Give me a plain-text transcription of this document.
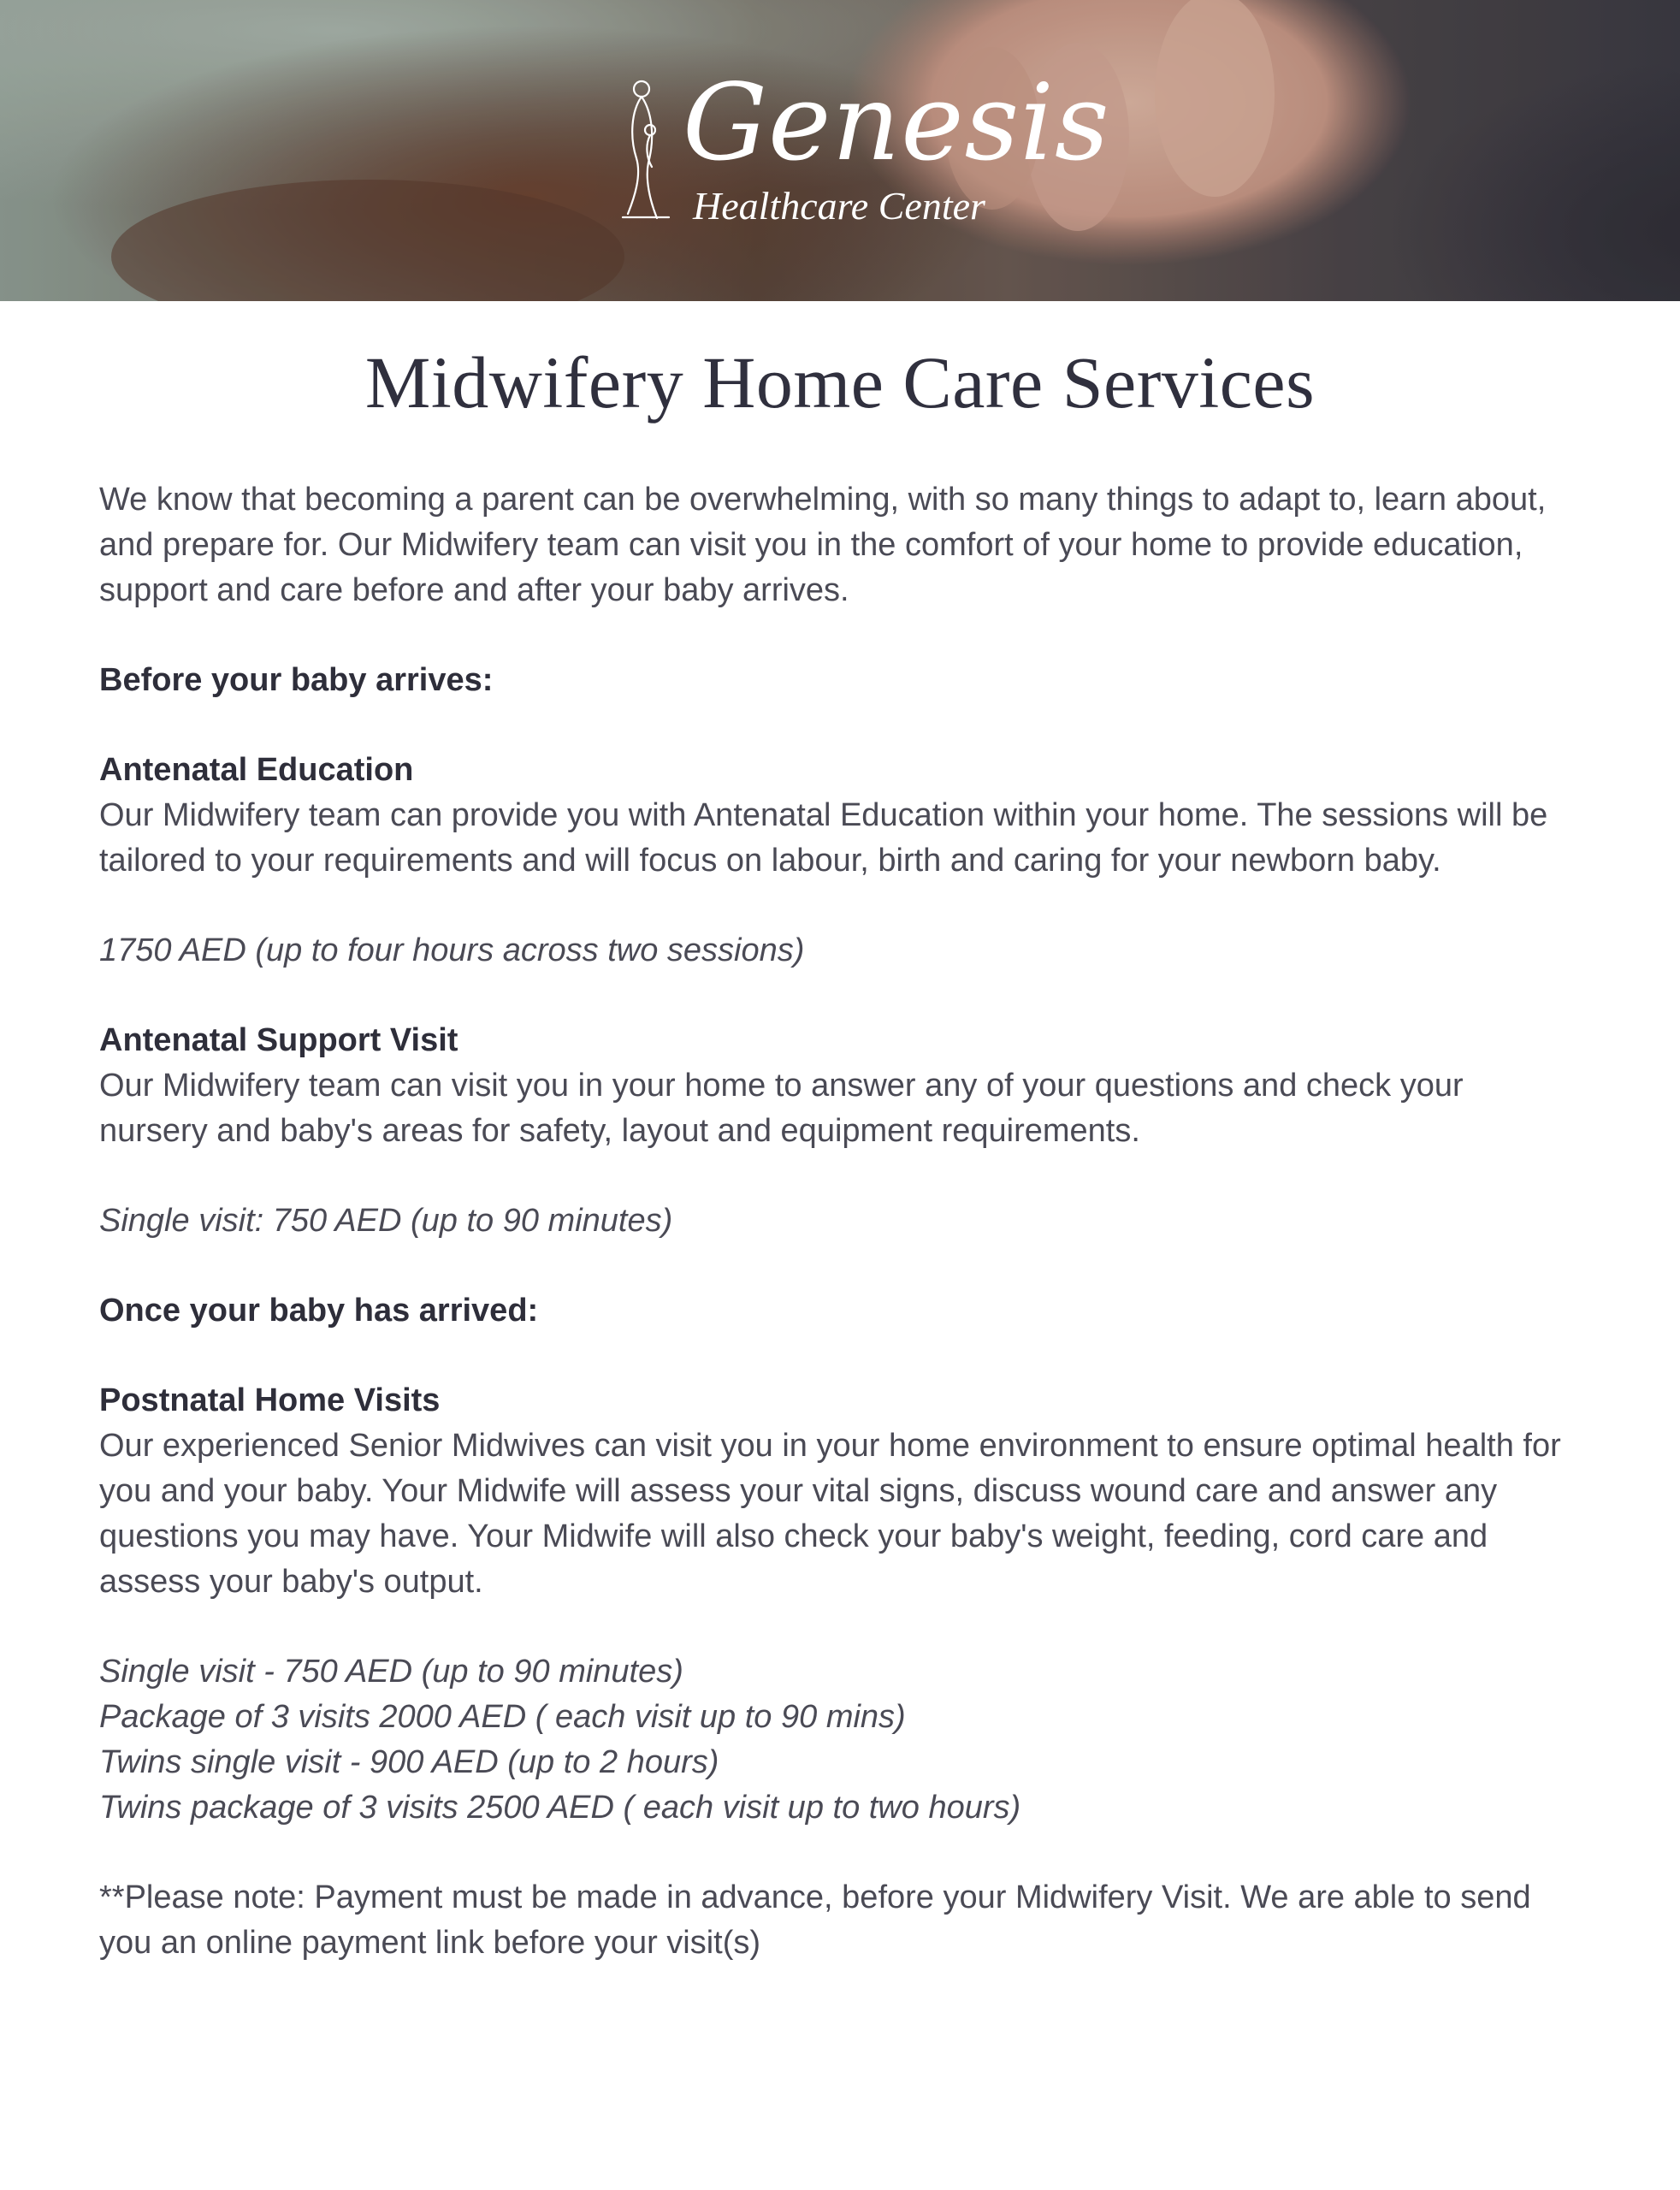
Genesis
Healthcare Center
Midwifery Home Care Services

We know that becoming a parent can be overwhelming, with so many things to adapt to, learn about, and prepare for. Our Midwifery team can visit you in the comfort of your home to provide education, support and care before and after your baby arrives.

Before your baby arrives:

Antenatal Education

Our Midwifery team can provide you with Antenatal Education within your home. The sessions will be tailored to your requirements and will focus on labour, birth and caring for your newborn baby.

1750 AED (up to four hours across two sessions)

Antenatal Support Visit

Our Midwifery team can visit you in your home to answer any of your questions and check your nursery and baby's areas for safety, layout and equipment requirements.

Single visit: 750 AED (up to 90 minutes)

Once your baby has arrived:

Postnatal Home Visits

Our experienced Senior Midwives can visit you in your home environment to ensure optimal health for you and your baby. Your Midwife will assess your vital signs, discuss wound care and answer any questions you may have. Your Midwife will also check your baby's weight, feeding, cord care and assess your baby's output.

Single visit - 750 AED (up to 90 minutes)

Package of 3 visits 2000 AED ( each visit up to 90 mins)

Twins single visit - 900 AED (up to 2 hours)

Twins package of 3 visits 2500 AED ( each visit up to two hours)

**Please note: Payment must be made in advance, before your Midwifery Visit. We are able to send you an online payment link before your visit(s)
